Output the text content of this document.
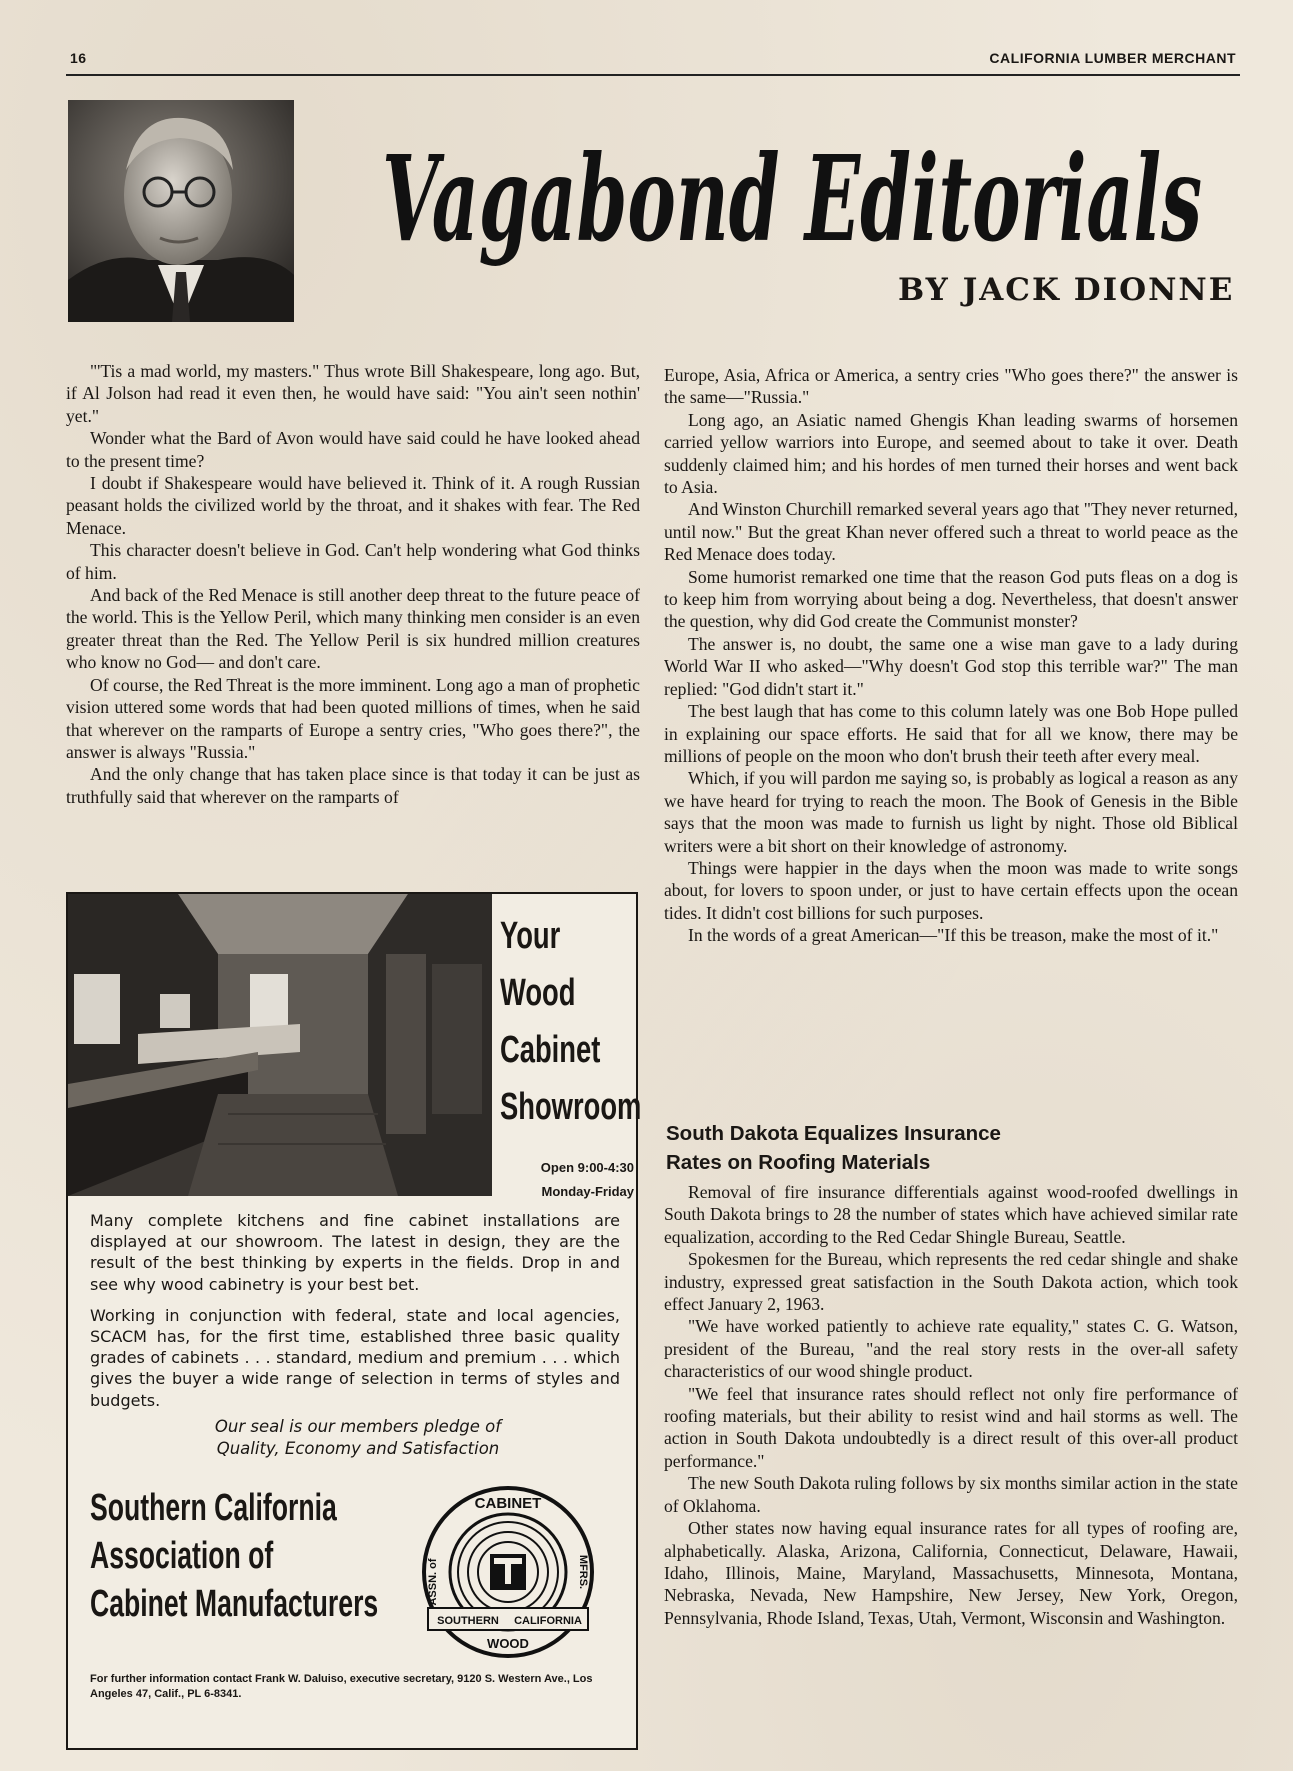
16	CALIFORNIA LUMBER MERCHANT
Vagabond Editorials
BY JACK DIONNE

"'Tis a mad world, my masters." Thus wrote Bill Shakespeare, long ago. But, if Al Jolson had read it even then, he would have said: "You ain't seen nothin' yet."

Wonder what the Bard of Avon would have said could he have looked ahead to the present time?

I doubt if Shakespeare would have believed it. Think of it. A rough Russian peasant holds the civilized world by the throat, and it shakes with fear. The Red Menace.

This character doesn't believe in God. Can't help wondering what God thinks of him.

And back of the Red Menace is still another deep threat to the future peace of the world. This is the Yellow Peril, which many thinking men consider is an even greater threat than the Red. The Yellow Peril is six hundred million creatures who know no God— and don't care.

Of course, the Red Threat is the more imminent. Long ago a man of prophetic vision uttered some words that had been quoted millions of times, when he said that wherever on the ramparts of Europe a sentry cries, "Who goes there?", the answer is always "Russia."

And the only change that has taken place since is that today it can be just as truthfully said that wherever on the ramparts of

Europe, Asia, Africa or America, a sentry cries "Who goes there?" the answer is the same—"Russia."

Long ago, an Asiatic named Ghengis Khan leading swarms of horsemen carried yellow warriors into Europe, and seemed about to take it over. Death suddenly claimed him; and his hordes of men turned their horses and went back to Asia.

And Winston Churchill remarked several years ago that "They never returned, until now." But the great Khan never offered such a threat to world peace as the Red Menace does today.

Some humorist remarked one time that the reason God puts fleas on a dog is to keep him from worrying about being a dog. Nevertheless, that doesn't answer the question, why did God create the Communist monster?

The answer is, no doubt, the same one a wise man gave to a lady during World War II who asked—"Why doesn't God stop this terrible war?" The man replied: "God didn't start it."

The best laugh that has come to this column lately was one Bob Hope pulled in explaining our space efforts. He said that for all we know, there may be millions of people on the moon who don't brush their teeth after every meal.

Which, if you will pardon me saying so, is probably as logical a reason as any we have heard for trying to reach the moon. The Book of Genesis in the Bible says that the moon was made to furnish us light by night. Those old Biblical writers were a bit short on their knowledge of astronomy.

Things were happier in the days when the moon was made to write songs about, for lovers to spoon under, or just to have certain effects upon the ocean tides. It didn't cost billions for such purposes.

In the words of a great American—"If this be treason, make the most of it."

South Dakota Equalizes Insurance
Rates on Roofing Materials

Removal of fire insurance differentials against wood-roofed dwellings in South Dakota brings to 28 the number of states which have achieved similar rate equalization, according to the Red Cedar Shingle Bureau, Seattle.

Spokesmen for the Bureau, which represents the red cedar shingle and shake industry, expressed great satisfaction in the South Dakota action, which took effect January 2, 1963.

"We have worked patiently to achieve rate equality," states C. G. Watson, president of the Bureau, "and the real story rests in the over-all safety characteristics of our wood shingle product.

"We feel that insurance rates should reflect not only fire performance of roofing materials, but their ability to resist wind and hail storms as well. The action in South Dakota undoubtedly is a direct result of this over-all product performance."

The new South Dakota ruling follows by six months similar action in the state of Oklahoma.

Other states now having equal insurance rates for all types of roofing are, alphabetically. Alaska, Arizona, California, Connecticut, Delaware, Hawaii, Idaho, Illinois, Maine, Maryland, Massachusetts, Minnesota, Montana, Nebraska, Nevada, New Hampshire, New Jersey, New York, Oregon, Pennsylvania, Rhode Island, Texas, Utah, Vermont, Wisconsin and Washington.

Your
Wood
Cabinet
Showroom
Open 9:00-4:30
Monday-Friday

Many complete kitchens and fine cabinet installations are displayed at our showroom. The latest in design, they are the result of the best thinking by experts in the fields. Drop in and see why wood cabinetry is your best bet.

Working in conjunction with federal, state and local agencies, SCACM has, for the first time, established three basic quality grades of cabinets . . . standard, medium and premium . . . which gives the buyer a wide range of selection in terms of styles and budgets.

Our seal is our members pledge of
Quality, Economy and Satisfaction
Southern California
Association of
Cabinet Manufacturers
CABINET
ASSN. of	MFRS.
SOUTHERN CALIFORNIA
WOOD
For further information contact Frank W. Daluiso, executive secretary, 9120 S. Western Ave., Los Angeles 47, Calif., PL 6-8341.
